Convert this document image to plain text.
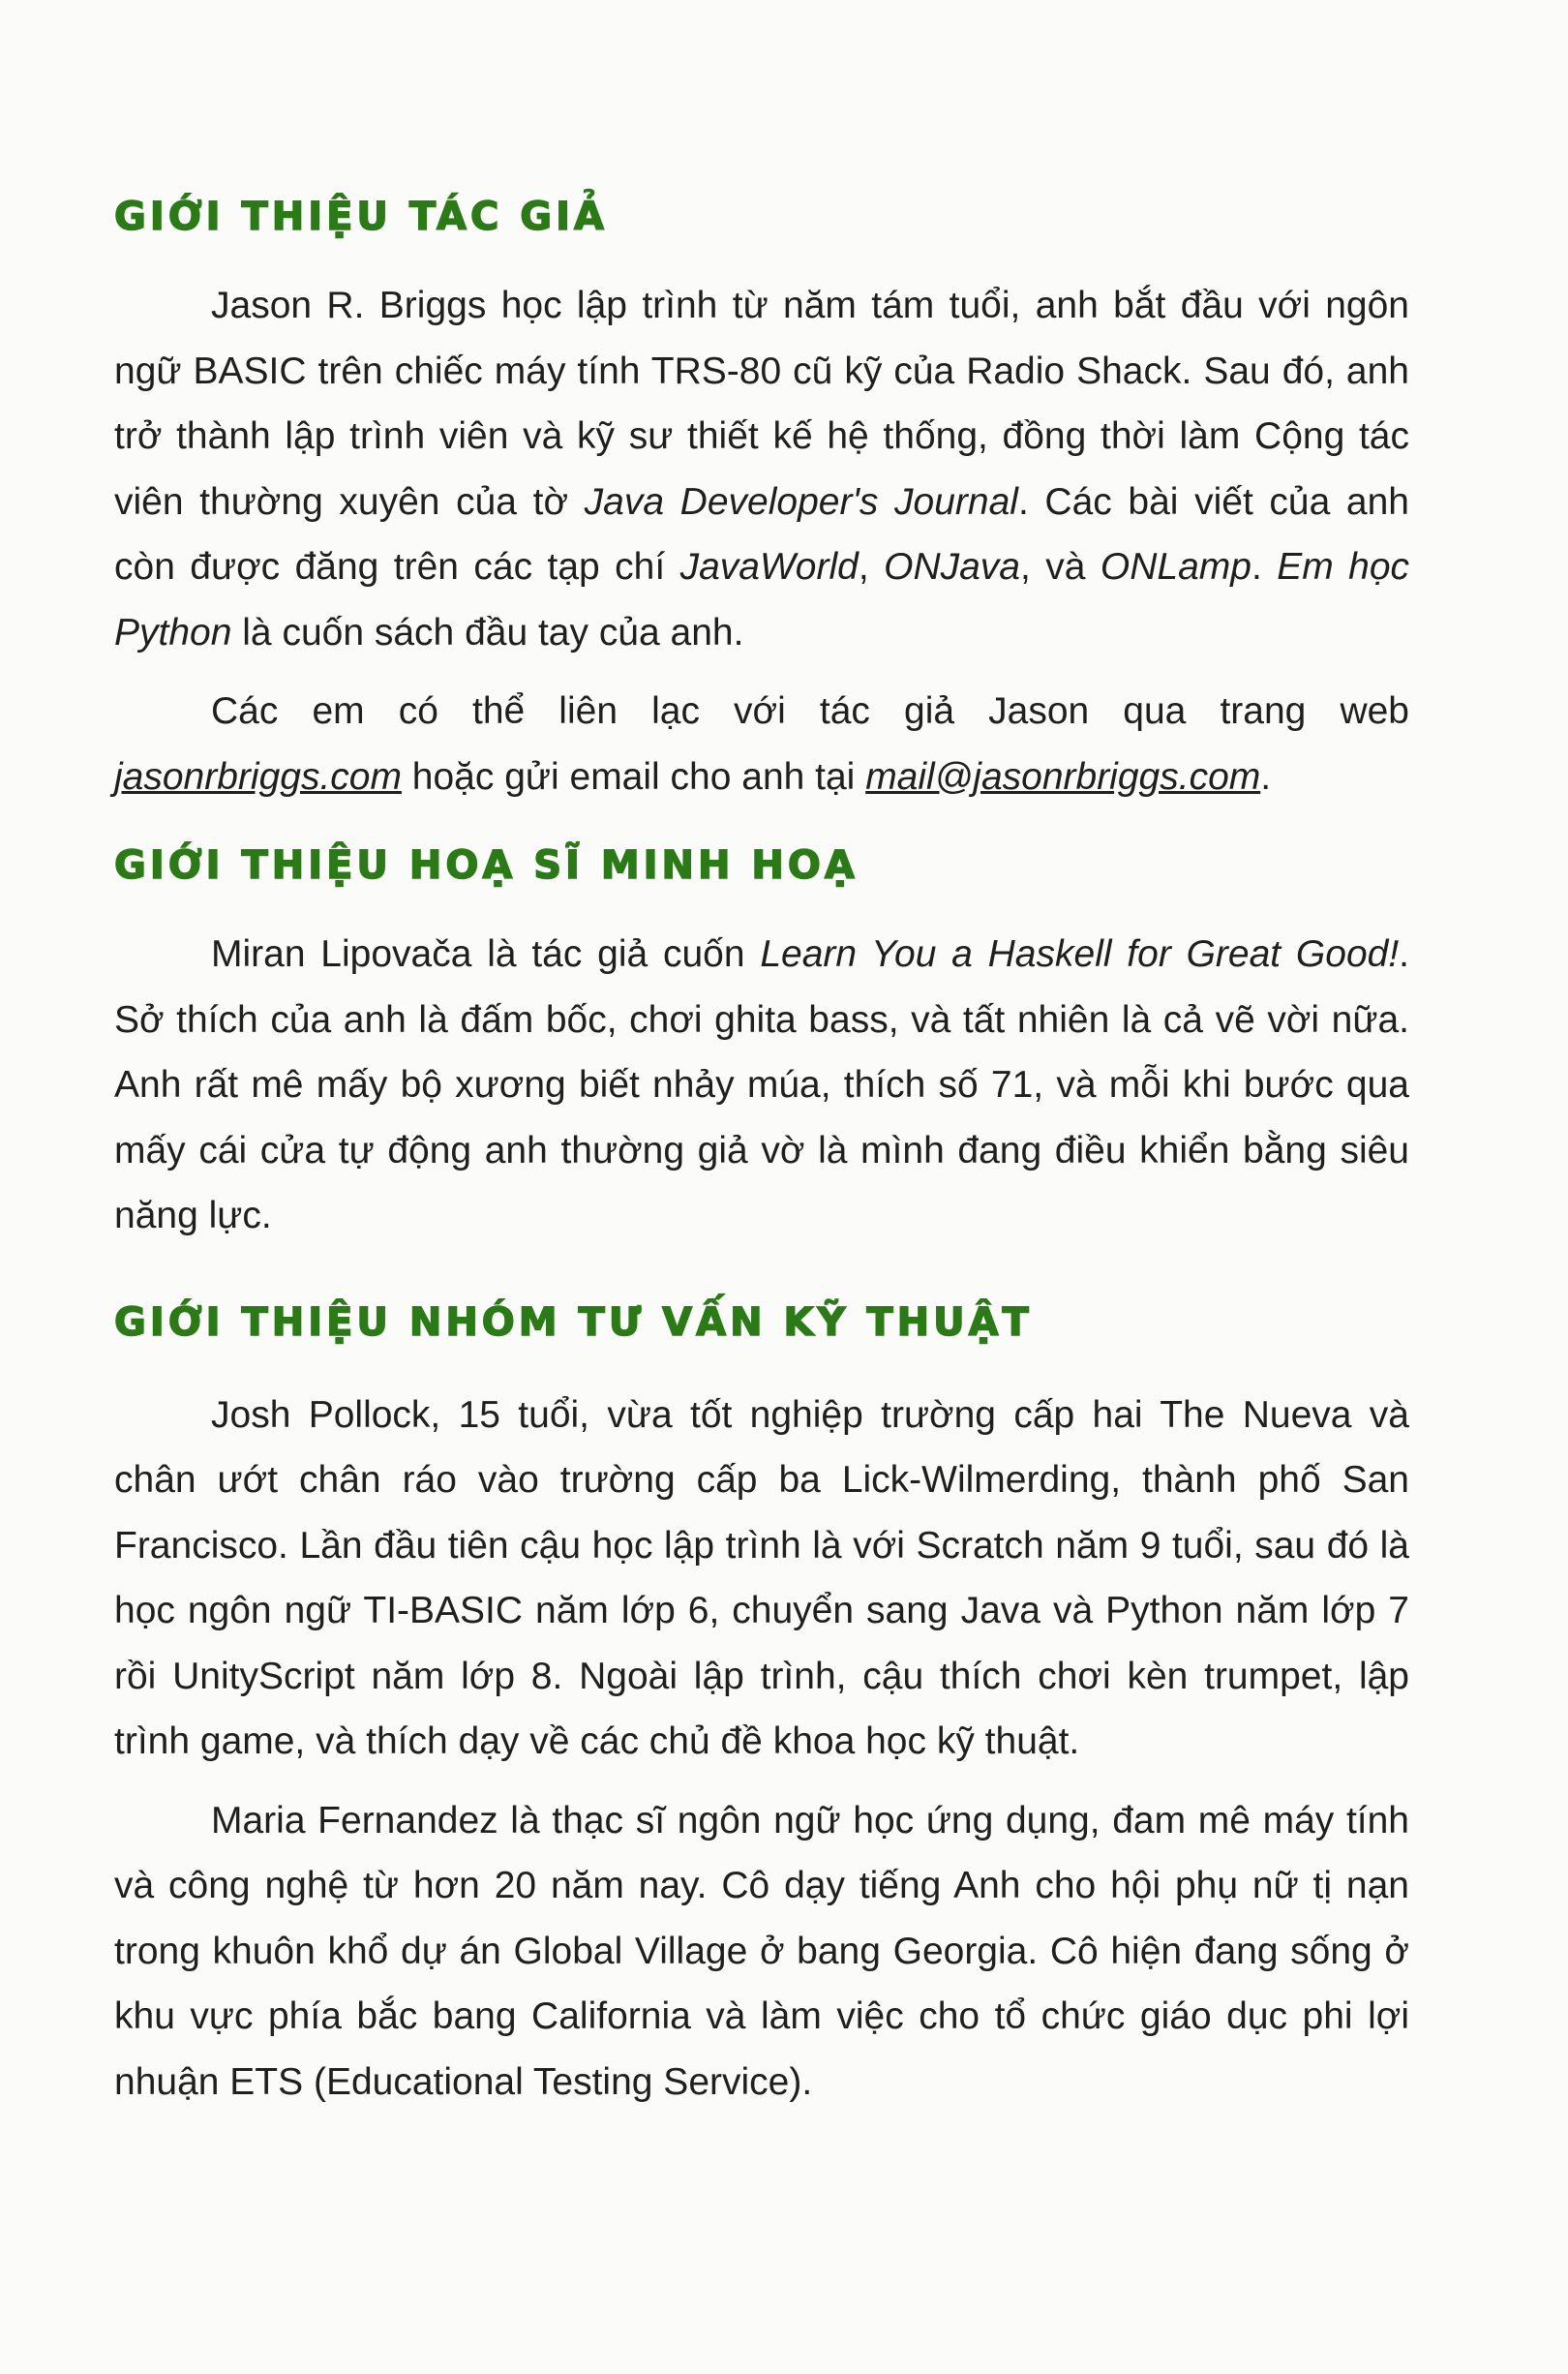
GIỚI THIỆU TÁC GIẢ

Jason R. Briggs học lập trình từ năm tám tuổi, anh bắt đầu với ngôn ngữ BASIC trên chiếc máy tính TRS-80 cũ kỹ của Radio Shack. Sau đó, anh trở thành lập trình viên và kỹ sư thiết kế hệ thống, đồng thời làm Cộng tác viên thường xuyên của tờ Java Developer's Journal. Các bài viết của anh còn được đăng trên các tạp chí JavaWorld, ONJava, và ONLamp. Em học Python là cuốn sách đầu tay của anh.

Các em có thể liên lạc với tác giả Jason qua trang web jasonrbriggs.com hoặc gửi email cho anh tại mail@jasonrbriggs.com.

GIỚI THIỆU HOẠ SĨ MINH HOẠ

Miran Lipovača là tác giả cuốn Learn You a Haskell for Great Good!. Sở thích của anh là đấm bốc, chơi ghita bass, và tất nhiên là cả vẽ vời nữa. Anh rất mê mấy bộ xương biết nhảy múa, thích số 71, và mỗi khi bước qua mấy cái cửa tự động anh thường giả vờ là mình đang điều khiển bằng siêu năng lực.

GIỚI THIỆU NHÓM TƯ VẤN KỸ THUẬT

Josh Pollock, 15 tuổi, vừa tốt nghiệp trường cấp hai The Nueva và chân ướt chân ráo vào trường cấp ba Lick-Wilmerding, thành phố San Francisco. Lần đầu tiên cậu học lập trình là với Scratch năm 9 tuổi, sau đó là học ngôn ngữ TI-BASIC năm lớp 6, chuyển sang Java và Python năm lớp 7 rồi UnityScript năm lớp 8. Ngoài lập trình, cậu thích chơi kèn trumpet, lập trình game, và thích dạy về các chủ đề khoa học kỹ thuật.

Maria Fernandez là thạc sĩ ngôn ngữ học ứng dụng, đam mê máy tính và công nghệ từ hơn 20 năm nay. Cô dạy tiếng Anh cho hội phụ nữ tị nạn trong khuôn khổ dự án Global Village ở bang Georgia. Cô hiện đang sống ở khu vực phía bắc bang California và làm việc cho tổ chức giáo dục phi lợi nhuận ETS (Educational Testing Service).
